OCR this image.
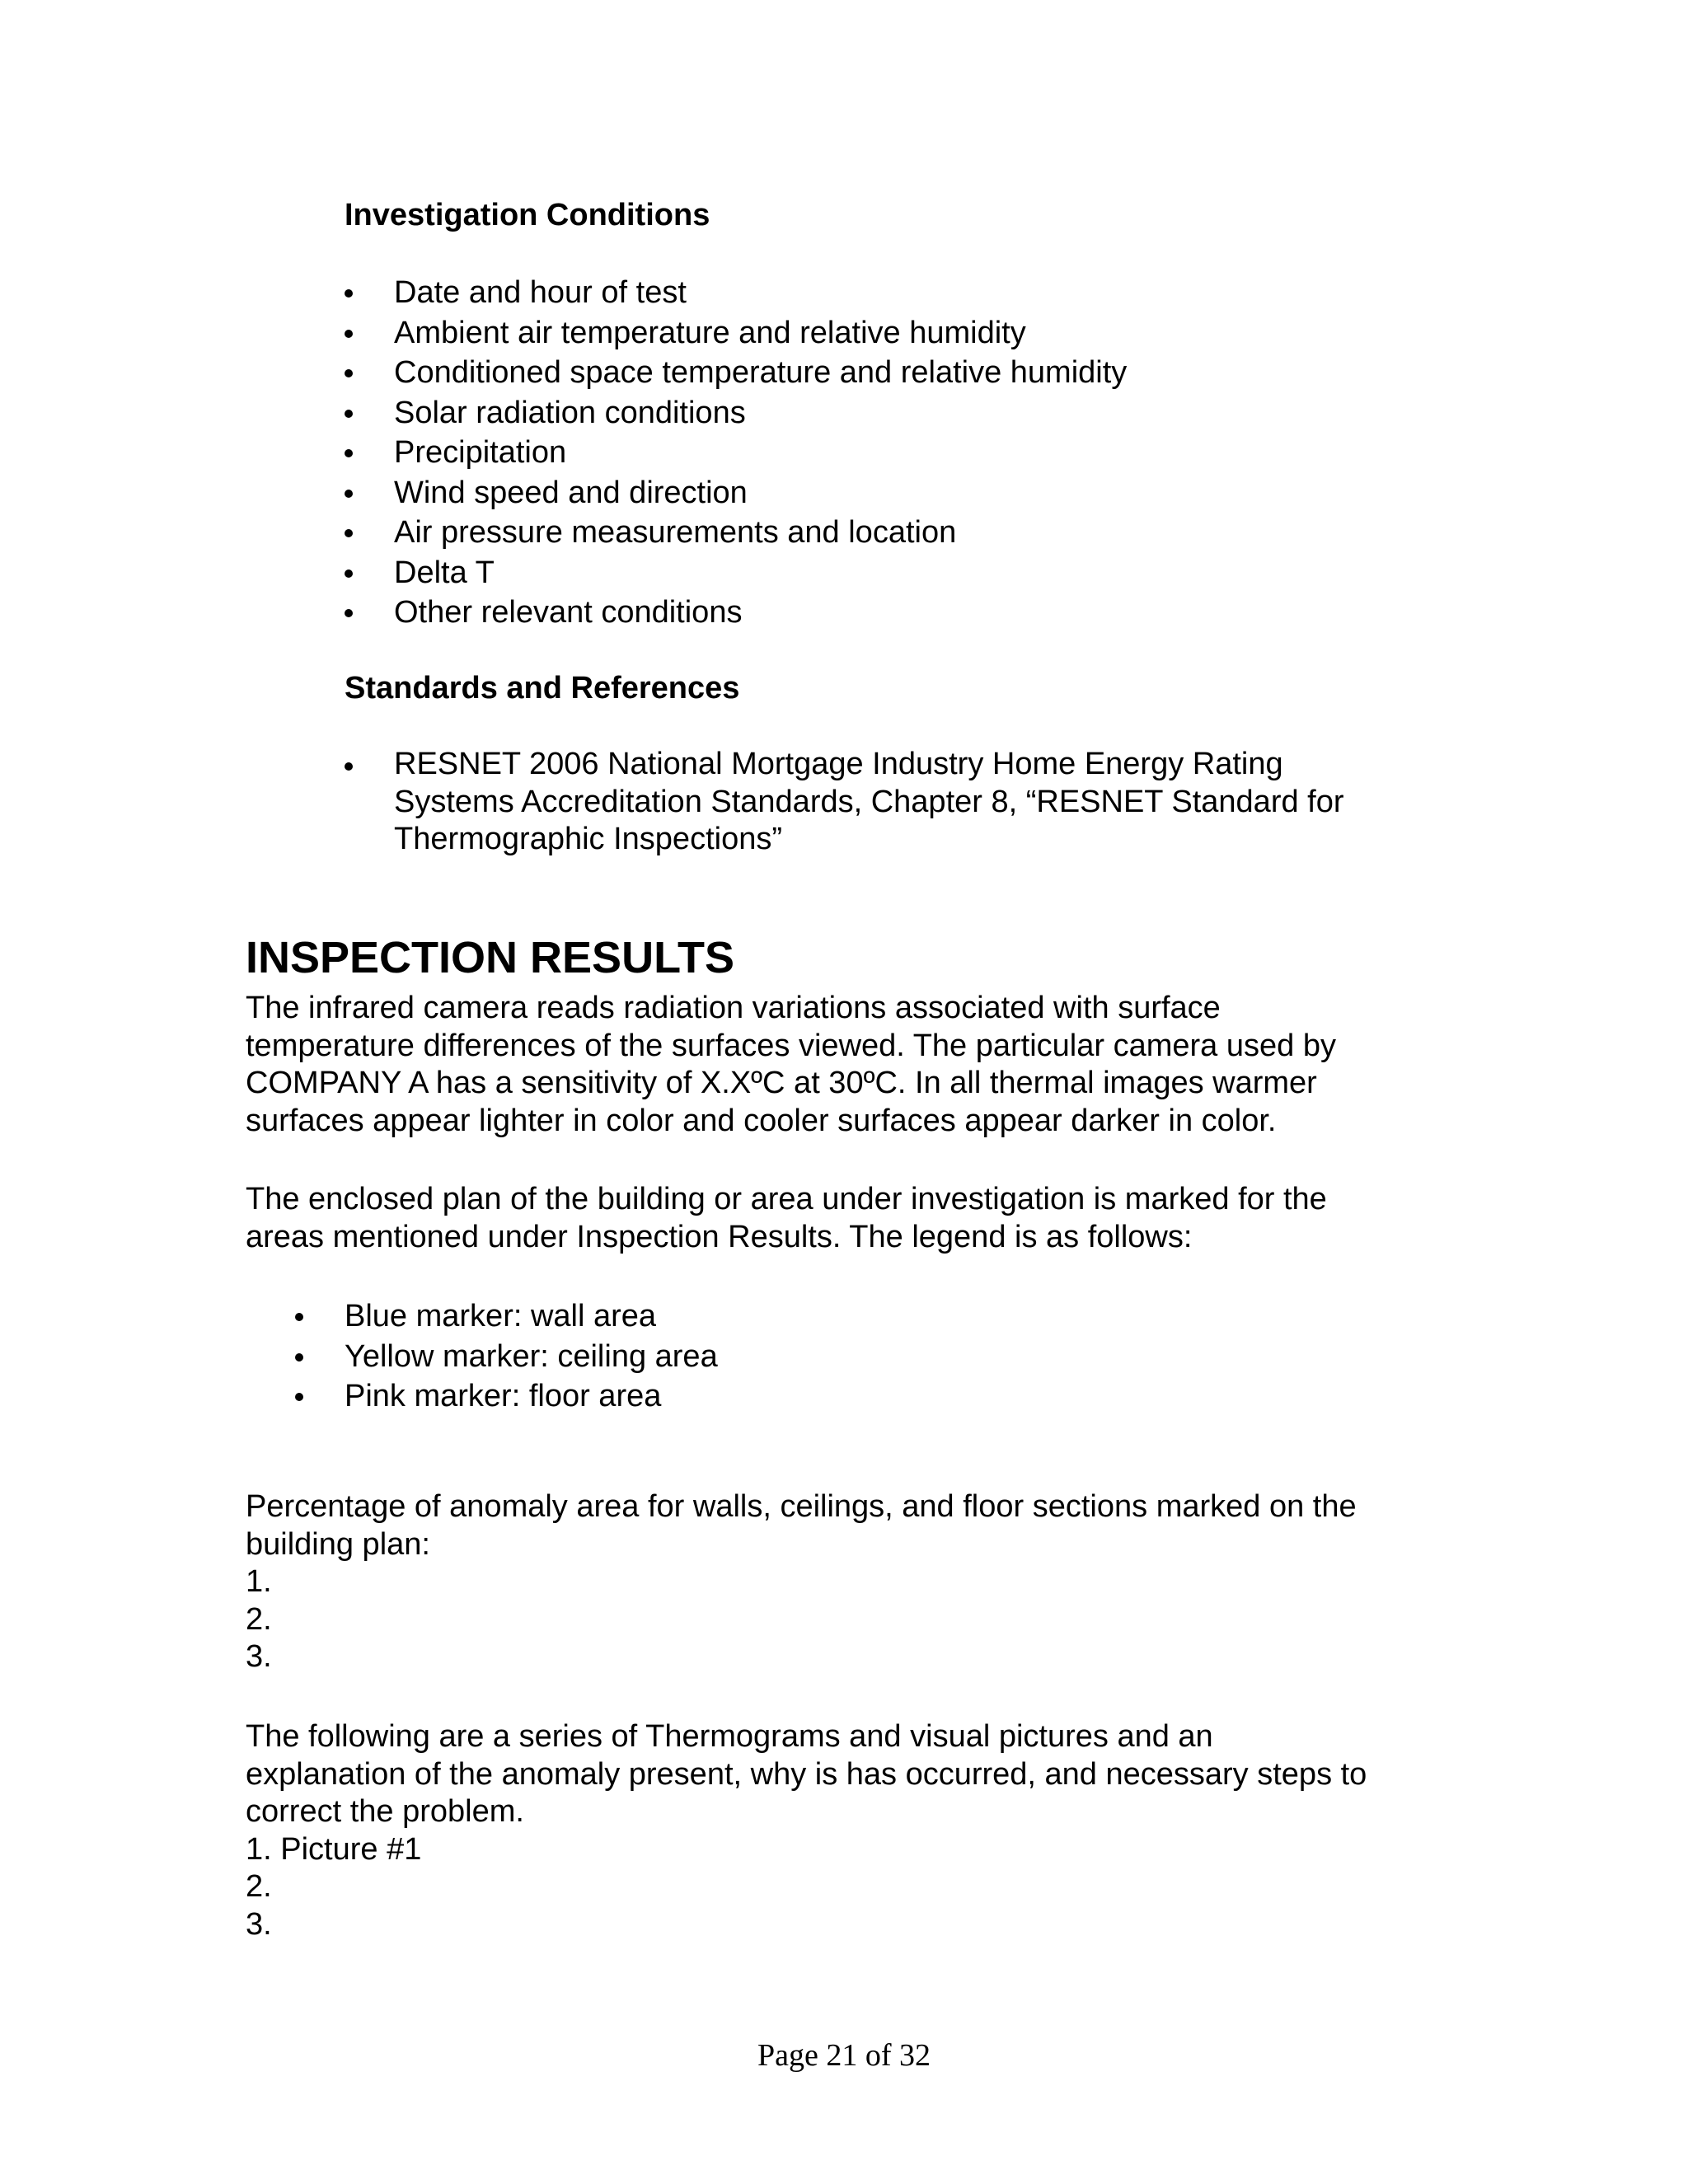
Investigation Conditions
Date and hour of test
Ambient air temperature and relative humidity
Conditioned space temperature and relative humidity
Solar radiation conditions
Precipitation
Wind speed and direction
Air pressure measurements and location
Delta T
Other relevant conditions
Standards and References
RESNET 2006 National Mortgage Industry Home Energy Rating
Systems Accreditation Standards, Chapter 8, “RESNET Standard for
Thermographic Inspections”
INSPECTION RESULTS
The infrared camera reads radiation variations associated with surface
temperature differences of the surfaces viewed. The particular camera used by
COMPANY A has a sensitivity of X.XºC at 30ºC. In all thermal images warmer
surfaces appear lighter in color and cooler surfaces appear darker in color.
The enclosed plan of the building or area under investigation is marked for the
areas mentioned under Inspection Results. The legend is as follows:
Blue marker: wall area
Yellow marker: ceiling area
Pink marker: floor area
Percentage of anomaly area for walls, ceilings, and floor sections marked on the
building plan:
1.
2.
3.
The following are a series of Thermograms and visual pictures and an
explanation of the anomaly present, why is has occurred, and necessary steps to
correct the problem.
1. Picture #1
2.
3.
Page 21 of 32
